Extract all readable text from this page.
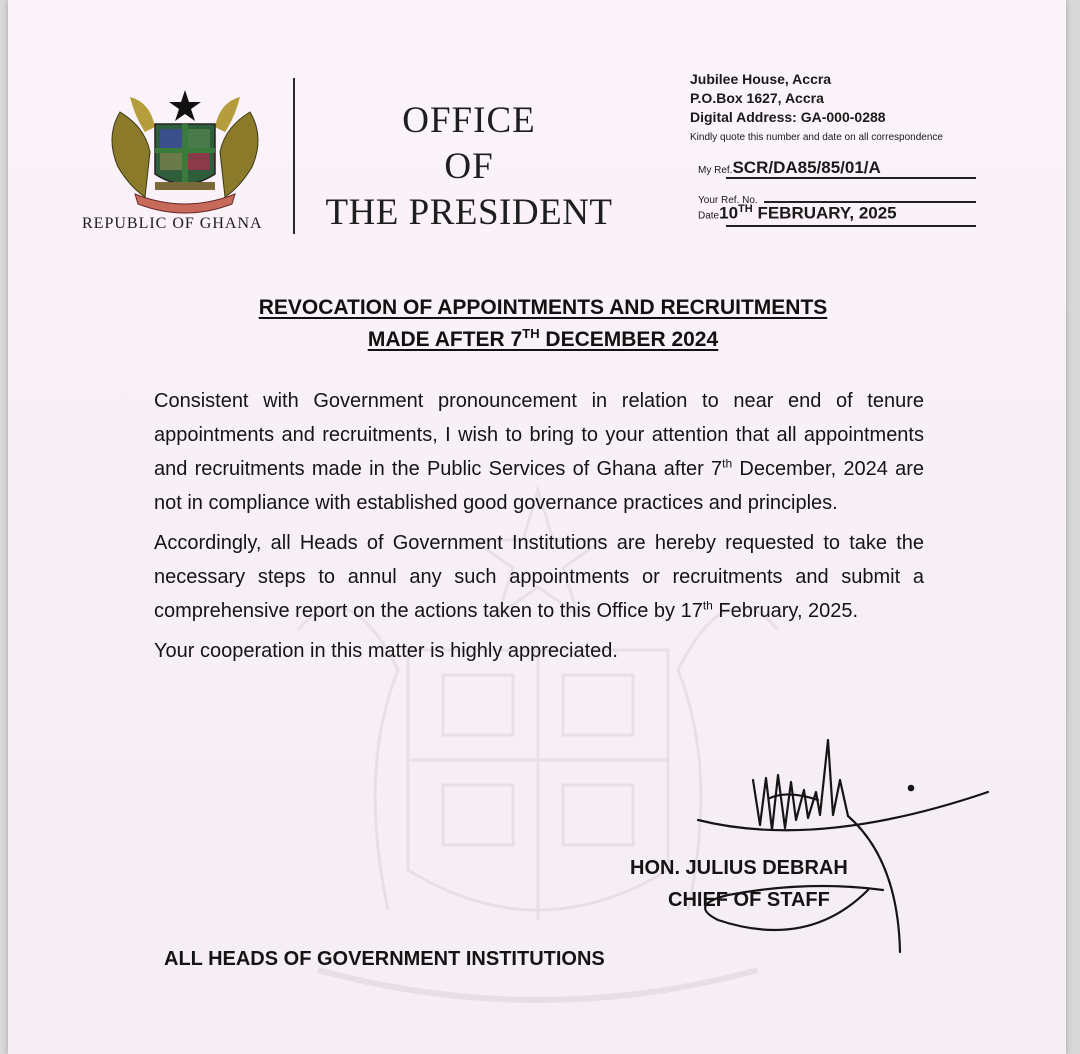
REPUBLIC OF GHANA
OFFICE
OF
THE PRESIDENT
Jubilee House, Accra
P.O.Box 1627, Accra
Digital Address: GA-000-0288
Kindly quote this number and date on all correspondence
My Ref.SCR/DA85/85/01/A
Your Ref. No.
Date10TH FEBRUARY, 2025
REVOCATION OF APPOINTMENTS AND RECRUITMENTS
MADE AFTER 7TH DECEMBER 2024

Consistent with Government pronouncement in relation to near end of tenure appointments and recruitments, I wish to bring to your attention that all appointments and recruitments made in the Public Services of Ghana after 7th December, 2024 are not in compliance with established good governance practices and principles.

Accordingly, all Heads of Government Institutions are hereby requested to take the necessary steps to annul any such appointments or recruitments and submit a comprehensive report on the actions taken to this Office by 17th February, 2025.

Your cooperation in this matter is highly appreciated.

HON. JULIUS DEBRAH
CHIEF OF STAFF
ALL HEADS OF GOVERNMENT INSTITUTIONS
